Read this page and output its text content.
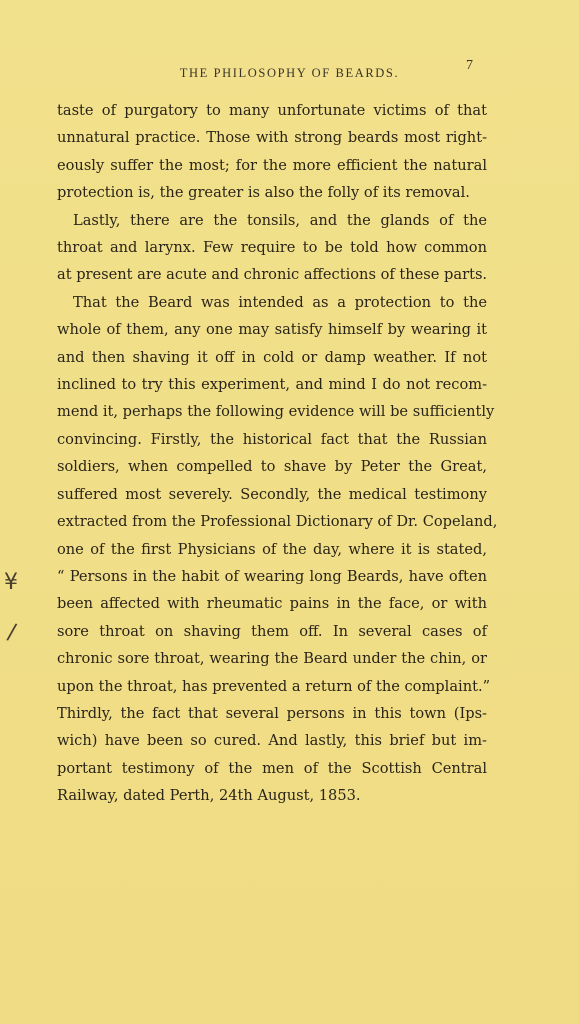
THE PHILOSOPHY OF BEARDS.	7
taste of purgatory to many unfortunate victims of that
unnatural practice. Those with strong beards most right-
eously suffer the most; for the more efficient the natural
protection is, the greater is also the folly of its removal.
Lastly, there are the tonsils, and the glands of the
throat and larynx. Few require to be told how common
at present are acute and chronic affections of these parts.
That the Beard was intended as a protection to the
whole of them, any one may satisfy himself by wearing it
and then shaving it off in cold or damp weather. If not
inclined to try this experiment, and mind I do not recom-
mend it, perhaps the following evidence will be sufficiently
convincing. Firstly, the historical fact that the Russian
soldiers, when compelled to shave by Peter the Great,
suffered most severely. Secondly, the medical testimony
extracted from the Professional Dictionary of Dr. Copeland,
one of the first Physicians of the day, where it is stated,
“ Persons in the habit of wearing long Beards, have often
been affected with rheumatic pains in the face, or with
sore throat on shaving them off. In several cases of
chronic sore throat, wearing the Beard under the chin, or
upon the throat, has prevented a return of the complaint.”
Thirdly, the fact that several persons in this town (Ips-
wich) have been so cured. And lastly, this brief but im-
portant testimony of the men of the Scottish Central
Railway, dated Perth, 24th August, 1853.
¥
/
